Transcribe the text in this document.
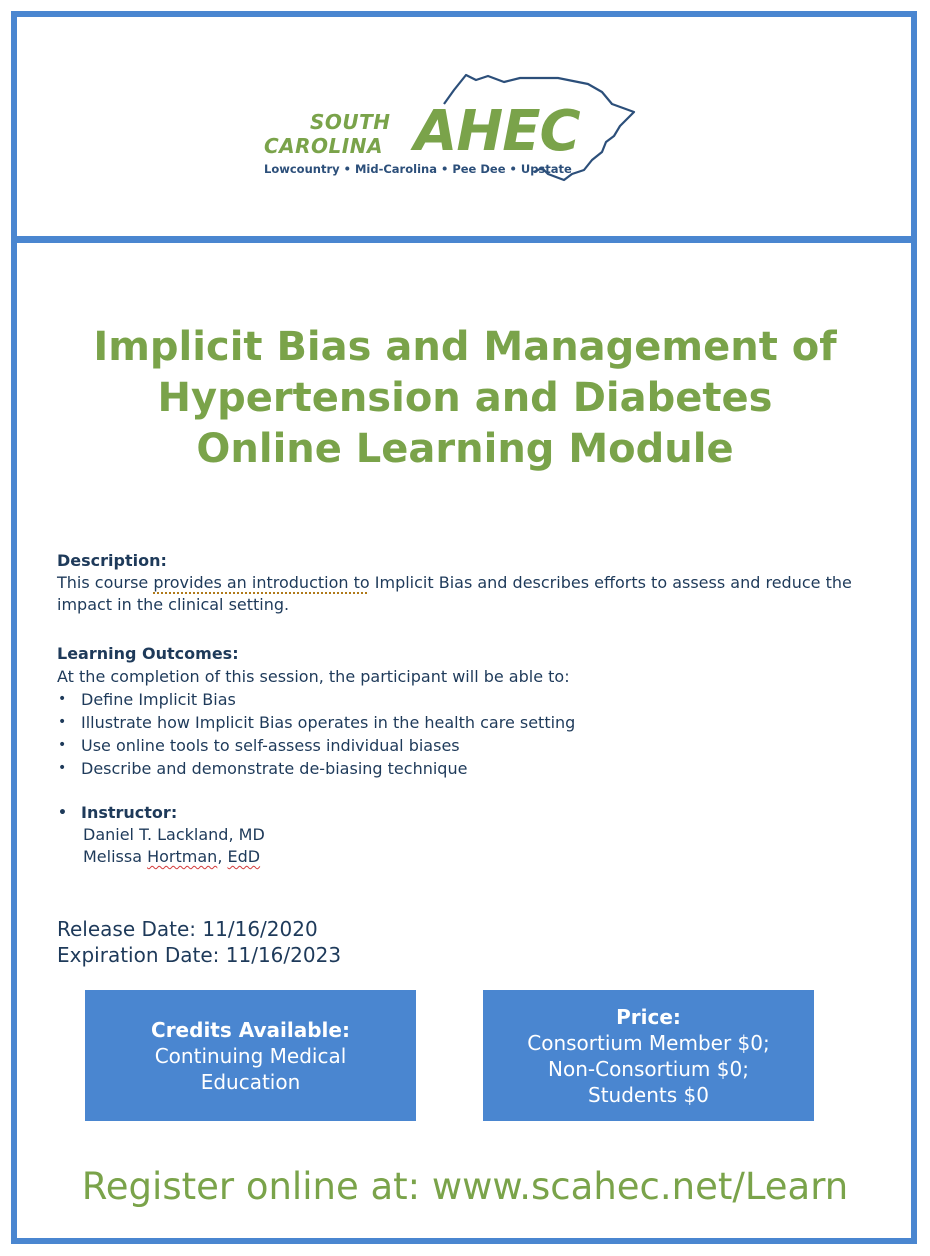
SOUTH
CAROLINA AHEC
Lowcountry • Mid-Carolina • Pee Dee • Upstate
Implicit Bias and Management of
Hypertension and Diabetes
Online Learning Module
Description:
This course provides an introduction to Implicit Bias and describes efforts to assess and reduce the impact in the clinical setting.
Learning Outcomes:
At the completion of this session, the participant will be able to:
• Define Implicit Bias
• Illustrate how Implicit Bias operates in the health care setting
• Use online tools to self-assess individual biases
• Describe and demonstrate de-biasing technique
• Instructor:
Daniel T. Lackland, MD
Melissa Hortman, EdD
Release Date: 11/16/2020
Expiration Date: 11/16/2023
Credits Available:
Continuing Medical
Education
Price:
Consortium Member $0;
Non-Consortium $0;
Students $0
Register online at: www.scahec.net/Learn
